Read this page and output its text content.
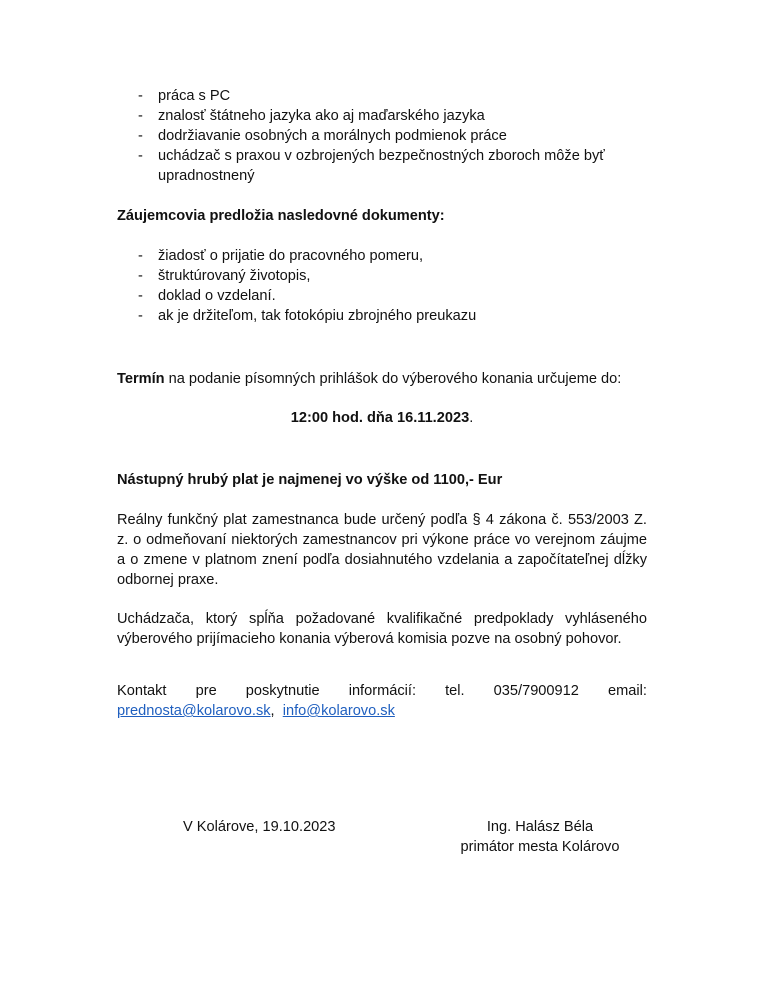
- práca s PC
- znalosť štátneho jazyka ako aj maďarského jazyka
- dodržiavanie osobných a morálnych podmienok práce
- uchádzač s praxou v ozbrojených bezpečnostných zboroch môže byť upradnostnený
Záujemcovia predložia nasledovné dokumenty:
- žiadosť o prijatie do pracovného pomeru,
- štruktúrovaný životopis,
- doklad o vzdelaní.
- ak je držiteľom, tak fotokópiu zbrojného preukazu
Termín na podanie písomných prihlášok do výberového konania určujeme do:
12:00 hod. dňa 16.11.2023.
Nástupný hrubý plat je najmenej vo výške od 1100,- Eur
Reálny funkčný plat zamestnanca bude určený podľa § 4 zákona č. 553/2003 Z. z. o odmeňovaní niektorých zamestnancov pri výkone práce vo verejnom záujme a o zmene v platnom znení podľa dosiahnutého vzdelania a započítateľnej dĺžky odbornej praxe.
Uchádzača, ktorý spĺňa požadované kvalifikačné predpoklady vyhláseného výberového prijímacieho konania výberová komisia pozve na osobný pohovor.
Kontakt pre poskytnutie informácií: tel. 035/7900912 email:
prednosta@kolarovo.sk, info@kolarovo.sk
V Kolárove, 19.10.2023	Ing. Halász Béla
primátor mesta Kolárovo
